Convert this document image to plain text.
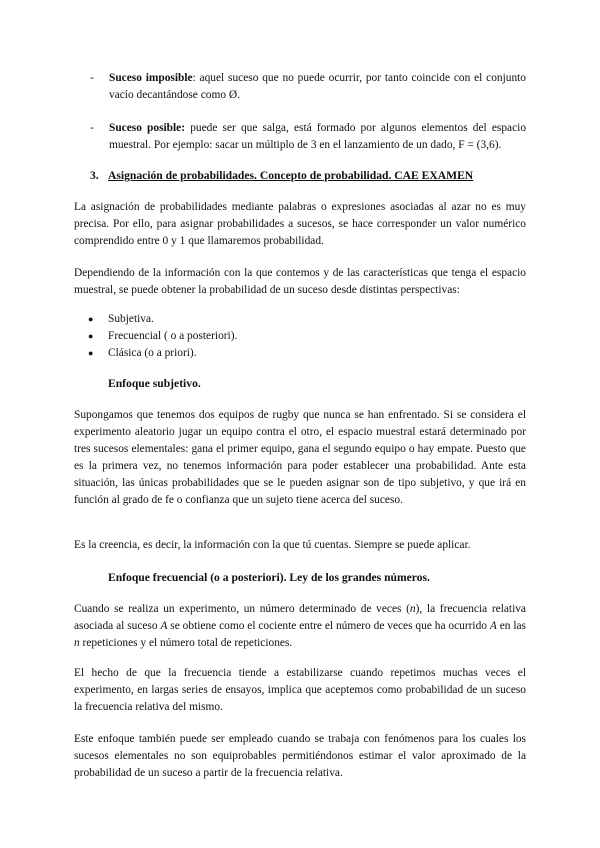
- Suceso imposible: aquel suceso que no puede ocurrir, por tanto coincide con el conjunto vacío decantándose como Ø.
- Suceso posible: puede ser que salga, está formado por algunos elementos del espacio muestral. Por ejemplo: sacar un múltiplo de 3 en el lanzamiento de un dado, F = (3,6).
3. Asignación de probabilidades. Concepto de probabilidad. CAE EXAMEN

La asignación de probabilidades mediante palabras o expresiones asociadas al azar no es muy precisa. Por ello, para asignar probabilidades a sucesos, se hace corresponder un valor numérico comprendido entre 0 y 1 que llamaremos probabilidad.

Dependiendo de la información con la que contemos y de las características que tenga el espacio muestral, se puede obtener la probabilidad de un suceso desde distintas perspectivas:

● Subjetiva.
● Frecuencial ( o a posteriori).
● Clásica (o a priori).
Enfoque subjetivo.

Supongamos que tenemos dos equipos de rugby que nunca se han enfrentado. Si se considera el experimento aleatorio jugar un equipo contra el otro, el espacio muestral estará determinado por tres sucesos elementales: gana el primer equipo, gana el segundo equipo o hay empate. Puesto que es la primera vez, no tenemos información para poder establecer una probabilidad. Ante esta situación, las únicas probabilidades que se le pueden asignar son de tipo subjetivo, y que irá en función al grado de fe o confianza que un sujeto tiene acerca del suceso.

Es la creencia, es decir, la información con la que tú cuentas. Siempre se puede aplicar.

Enfoque frecuencial (o a posteriori). Ley de los grandes números.

Cuando se realiza un experimento, un número determinado de veces (n), la frecuencia relativa asociada al suceso A se obtiene como el cociente entre el número de veces que ha ocurrido A en las n repeticiones y el número total de repeticiones.

El hecho de que la frecuencia tiende a estabilizarse cuando repetimos muchas veces el experimento, en largas series de ensayos, implica que aceptemos como probabilidad de un suceso la frecuencia relativa del mismo.

Este enfoque también puede ser empleado cuando se trabaja con fenómenos para los cuales los sucesos elementales no son equiprobables permitiéndonos estimar el valor aproximado de la probabilidad de un suceso a partir de la frecuencia relativa.
